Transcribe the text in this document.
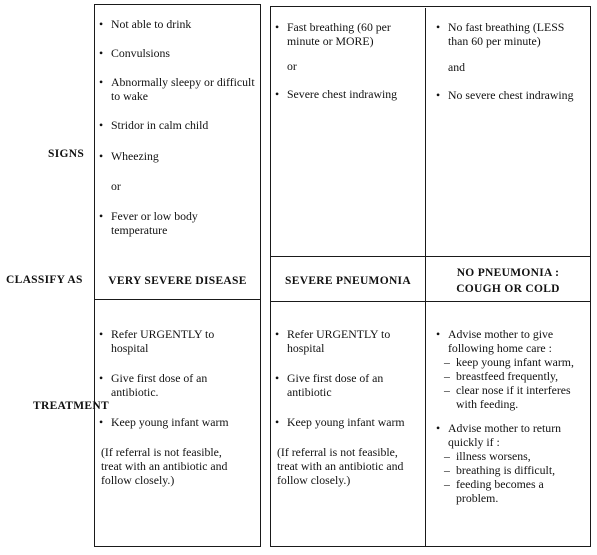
SIGNS
CLASSIFY AS
TREATMENT

• Not able to drink

• Convulsions

• Abnormally sleepy or difficult to wake

• Stridor in calm child

• Wheezing

or

• Fever or low body temperature

• Fast breathing (60 per minute or MORE)

or

• Severe chest indrawing

• No fast breathing (LESS than 60 per minute)

and

• No severe chest indrawing

VERY SEVERE DISEASE	SEVERE PNEUMONIA
NO PNEUMONIA :
COUGH OR COLD

• Refer URGENTLY to hospital

• Give first dose of an antibiotic.

• Keep young infant warm

(If referral is not feasible, treat with an antibiotic and follow closely.)

• Refer URGENTLY to hospital

• Give first dose of an antibiotic

• Keep young infant warm

(If referral is not feasible, treat with an antibiotic and follow closely.)

• Advise mother to give following home care :

– keep young infant warm,

– breastfeed frequently,

– clear nose if it interferes with feeding.

• Advise mother to return quickly if :

– illness worsens,

– breathing is difficult,

– feeding becomes a problem.
